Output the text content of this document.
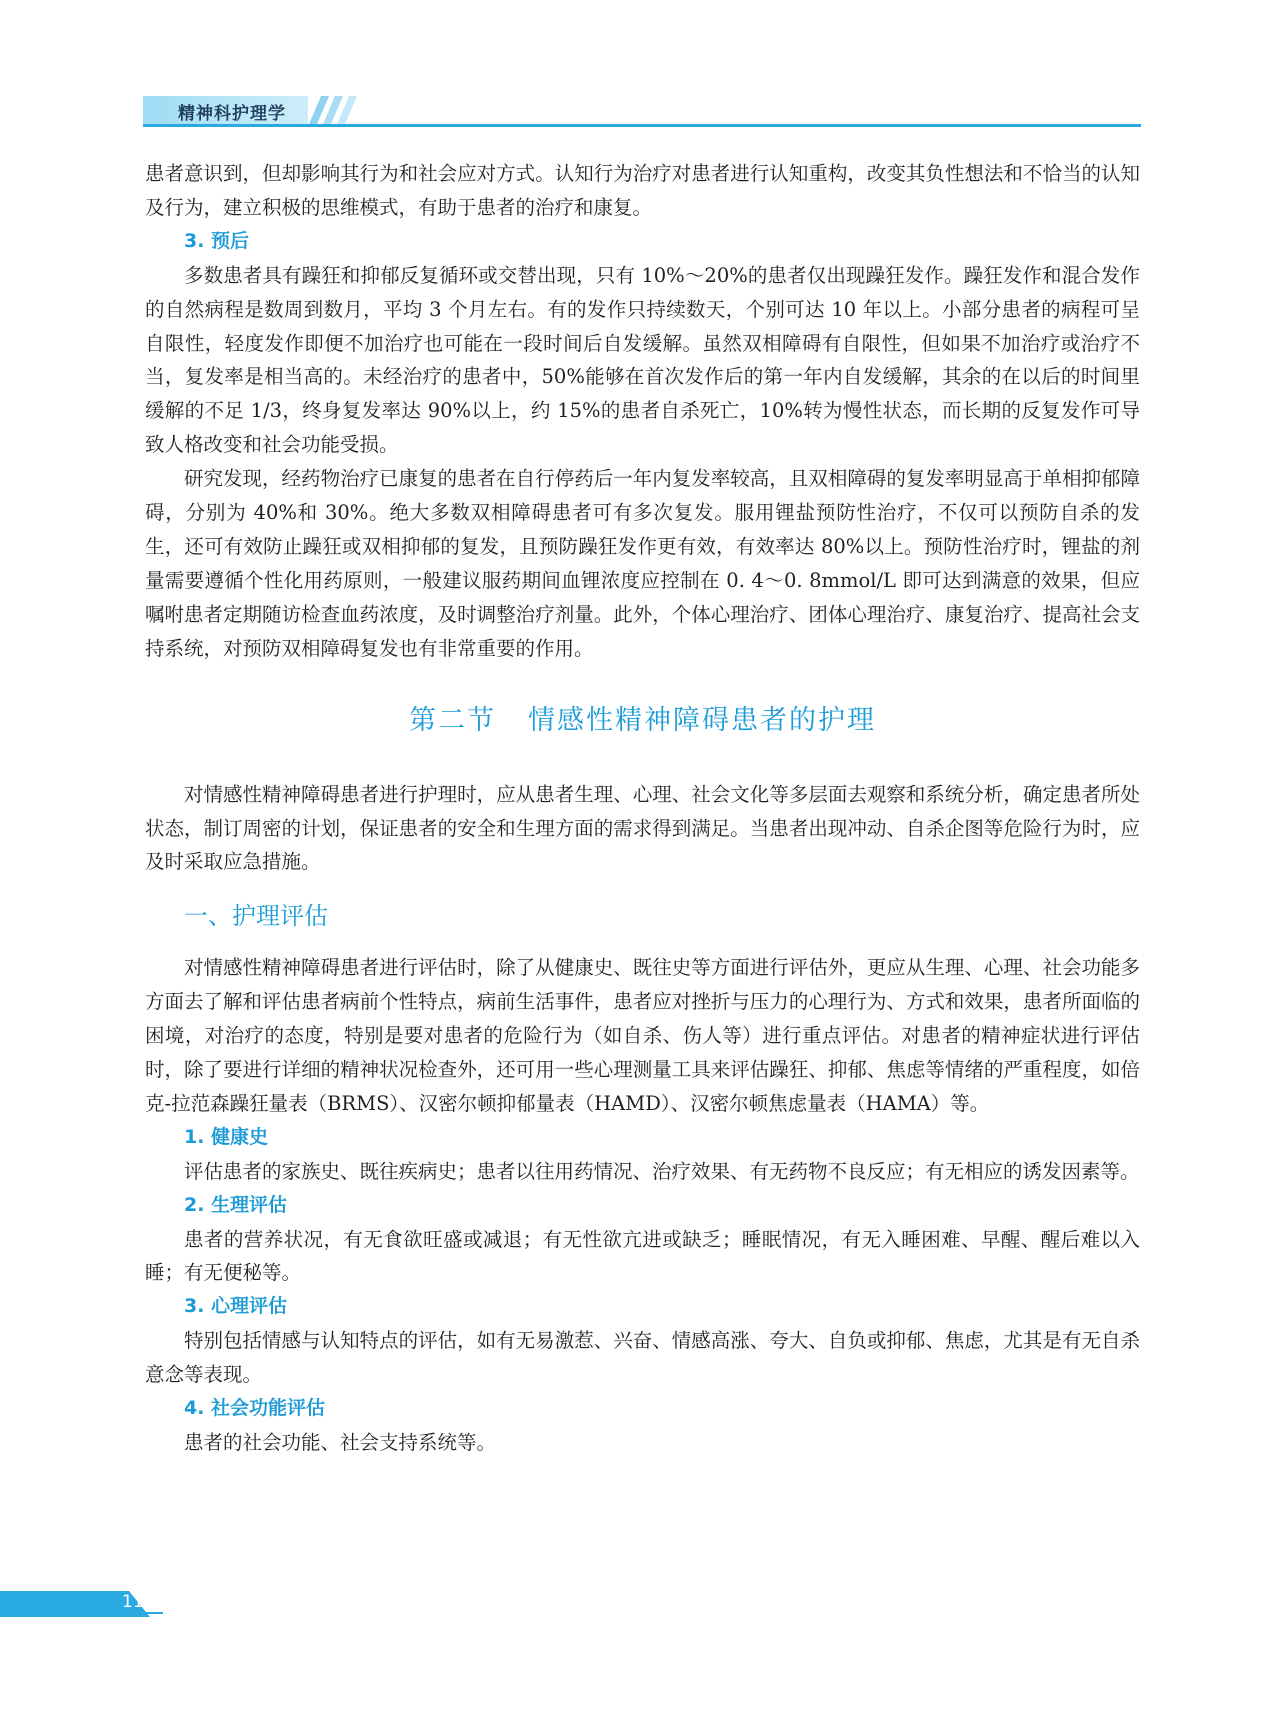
精神科护理学

患者意识到，但却影响其行为和社会应对方式。认知行为治疗对患者进行认知重构，改变其负性想法和不恰当的认知及行为，建立积极的思维模式，有助于患者的治疗和康复。

3. 预后

多数患者具有躁狂和抑郁反复循环或交替出现，只有 10%～20%的患者仅出现躁狂发作。躁狂发作和混合发作的自然病程是数周到数月，平均 3 个月左右。有的发作只持续数天，个别可达 10 年以上。小部分患者的病程可呈自限性，轻度发作即便不加治疗也可能在一段时间后自发缓解。虽然双相障碍有自限性，但如果不加治疗或治疗不当，复发率是相当高的。未经治疗的患者中，50%能够在首次发作后的第一年内自发缓解，其余的在以后的时间里缓解的不足 1/3，终身复发率达 90%以上，约 15%的患者自杀死亡，10%转为慢性状态，而长期的反复发作可导致人格改变和社会功能受损。

研究发现，经药物治疗已康复的患者在自行停药后一年内复发率较高，且双相障碍的复发率明显高于单相抑郁障碍，分别为 40%和 30%。绝大多数双相障碍患者可有多次复发。服用锂盐预防性治疗，不仅可以预防自杀的发生，还可有效防止躁狂或双相抑郁的复发，且预防躁狂发作更有效，有效率达 80%以上。预防性治疗时，锂盐的剂量需要遵循个性化用药原则，一般建议服药期间血锂浓度应控制在 0. 4～0. 8mmol/L 即可达到满意的效果，但应嘱咐患者定期随访检查血药浓度，及时调整治疗剂量。此外，个体心理治疗、团体心理治疗、康复治疗、提高社会支持系统，对预防双相障碍复发也有非常重要的作用。

第二节 情感性精神障碍患者的护理

对情感性精神障碍患者进行护理时，应从患者生理、心理、社会文化等多层面去观察和系统分析，确定患者所处状态，制订周密的计划，保证患者的安全和生理方面的需求得到满足。当患者出现冲动、自杀企图等危险行为时，应及时采取应急措施。

一、护理评估

对情感性精神障碍患者进行评估时，除了从健康史、既往史等方面进行评估外，更应从生理、心理、社会功能多方面去了解和评估患者病前个性特点，病前生活事件，患者应对挫折与压力的心理行为、方式和效果，患者所面临的困境，对治疗的态度，特别是要对患者的危险行为（如自杀、伤人等）进行重点评估。对患者的精神症状进行评估时，除了要进行详细的精神状况检查外，还可用一些心理测量工具来评估躁狂、抑郁、焦虑等情绪的严重程度，如倍克-拉范森躁狂量表（BRMS）、汉密尔顿抑郁量表（HAMD）、汉密尔顿焦虑量表（HAMA）等。

1. 健康史

评估患者的家族史、既往疾病史；患者以往用药情况、治疗效果、有无药物不良反应；有无相应的诱发因素等。

2. 生理评估

患者的营养状况，有无食欲旺盛或减退；有无性欲亢进或缺乏；睡眠情况，有无入睡困难、早醒、醒后难以入睡；有无便秘等。

3. 心理评估

特别包括情感与认知特点的评估，如有无易激惹、兴奋、情感高涨、夸大、自负或抑郁、焦虑，尤其是有无自杀意念等表现。

4. 社会功能评估

患者的社会功能、社会支持系统等。

116
